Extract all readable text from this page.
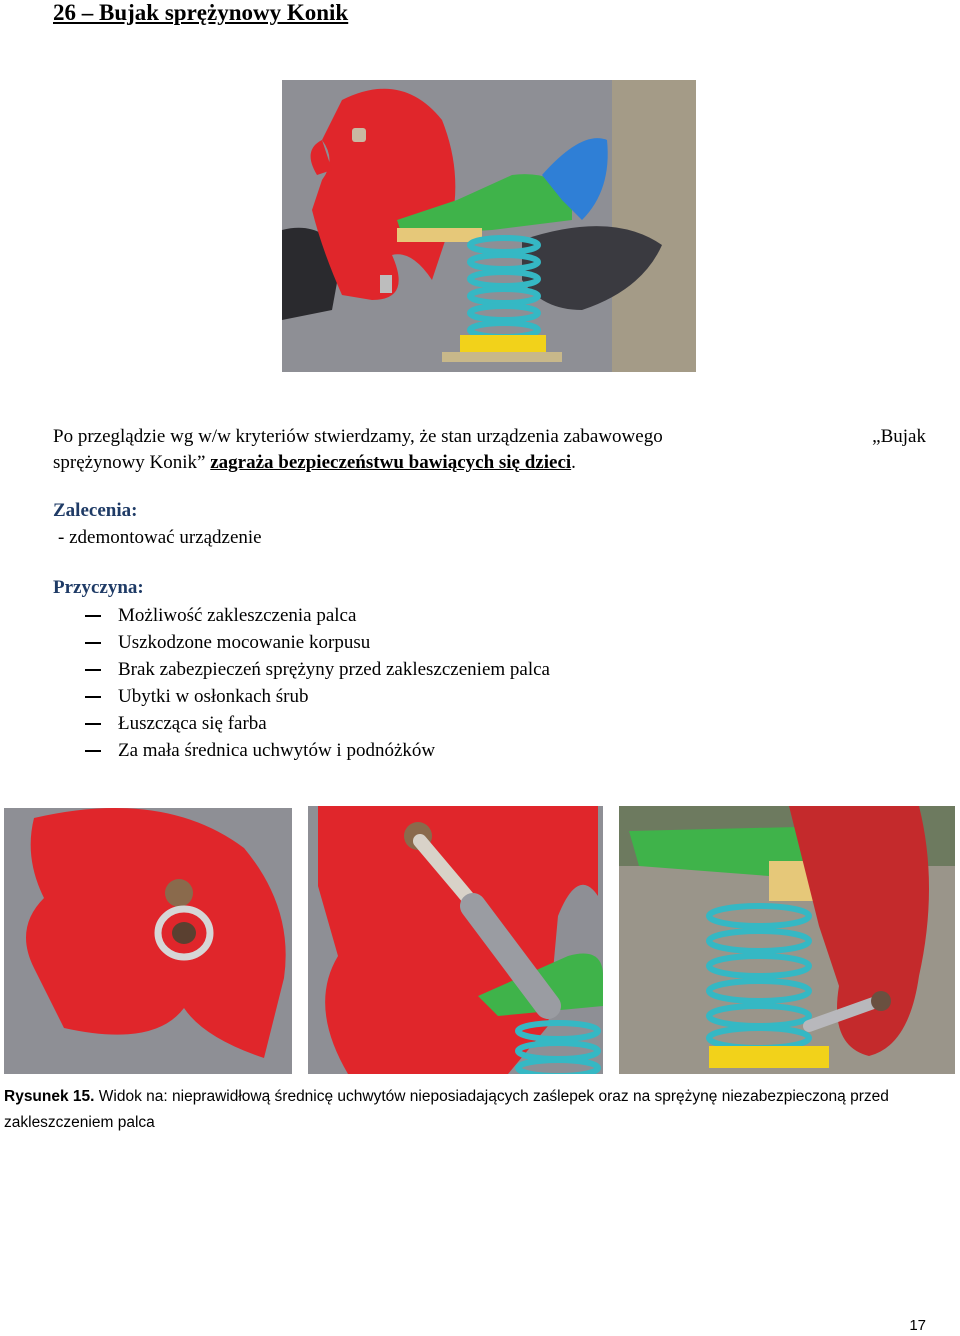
26 – Bujak sprężynowy Konik
Po przeglądzie wg w/w kryteriów stwierdzamy, że stan urządzenia zabawowego	„Bujak
sprężynowy Konik” zagraża bezpieczeństwu bawiących się dzieci.
Zalecenia:
- zdemontować urządzenie
Przyczyna:
Możliwość zakleszczenia palca
Uszkodzone mocowanie korpusu
Brak zabezpieczeń sprężyny przed zakleszczeniem palca
Ubytki w osłonkach śrub
Łuszcząca się farba
Za mała średnica uchwytów i podnóżków
Rysunek 15. Widok na: nieprawidłową średnicę uchwytów nieposiadających zaślepek oraz na sprężynę niezabezpieczoną przed zakleszczeniem palca
17
